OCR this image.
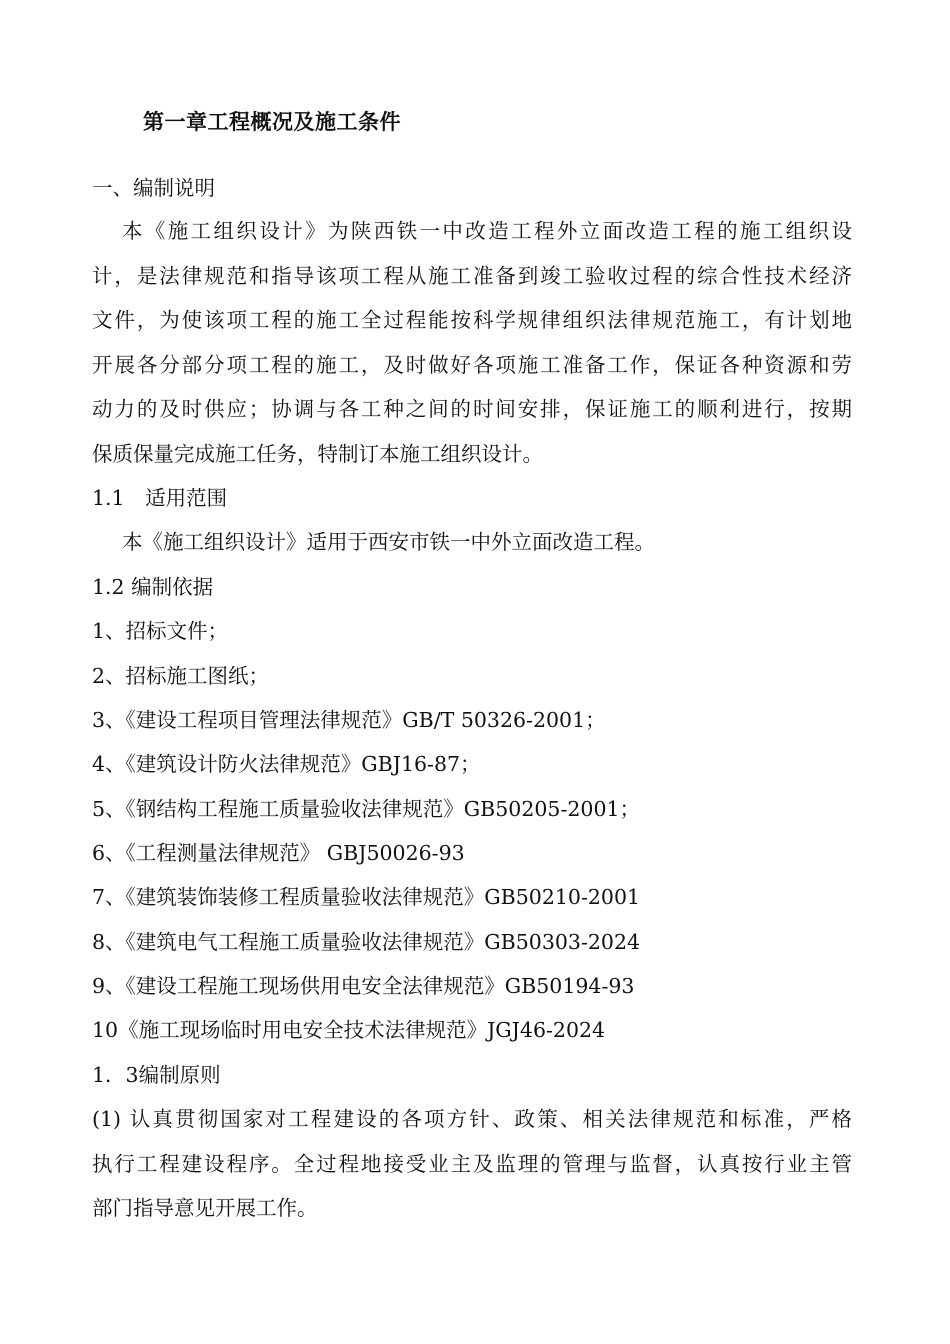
第一章工程概况及施工条件
一、编制说明
本《施工组织设计》为陕西铁一中改造工程外立面改造工程的施工组织设
计，是法律规范和指导该项工程从施工准备到竣工验收过程的综合性技术经济
文件，为使该项工程的施工全过程能按科学规律组织法律规范施工，有计划地
开展各分部分项工程的施工，及时做好各项施工准备工作，保证各种资源和劳
动力的及时供应；协调与各工种之间的时间安排，保证施工的顺利进行，按期
保质保量完成施工任务，特制订本施工组织设计。
1.1　适用范围
本《施工组织设计》适用于西安市铁一中外立面改造工程。
1.2 编制依据
1、招标文件；
2、招标施工图纸；
3、《建设工程项目管理法律规范》GB/T 50326-2001；
4、《建筑设计防火法律规范》GBJ16-87；
5、《钢结构工程施工质量验收法律规范》GB50205-2001；
6、《工程测量法律规范》 GBJ50026-93
7、《建筑装饰装修工程质量验收法律规范》GB50210-2001
8、《建筑电气工程施工质量验收法律规范》GB50303-2024
9、《建设工程施工现场供用电安全法律规范》GB50194-93
10《施工现场临时用电安全技术法律规范》JGJ46-2024
1．3编制原则
(1) 认真贯彻国家对工程建设的各项方针、政策、相关法律规范和标准，严格
执行工程建设程序。全过程地接受业主及监理的管理与监督，认真按行业主管
部门指导意见开展工作。
